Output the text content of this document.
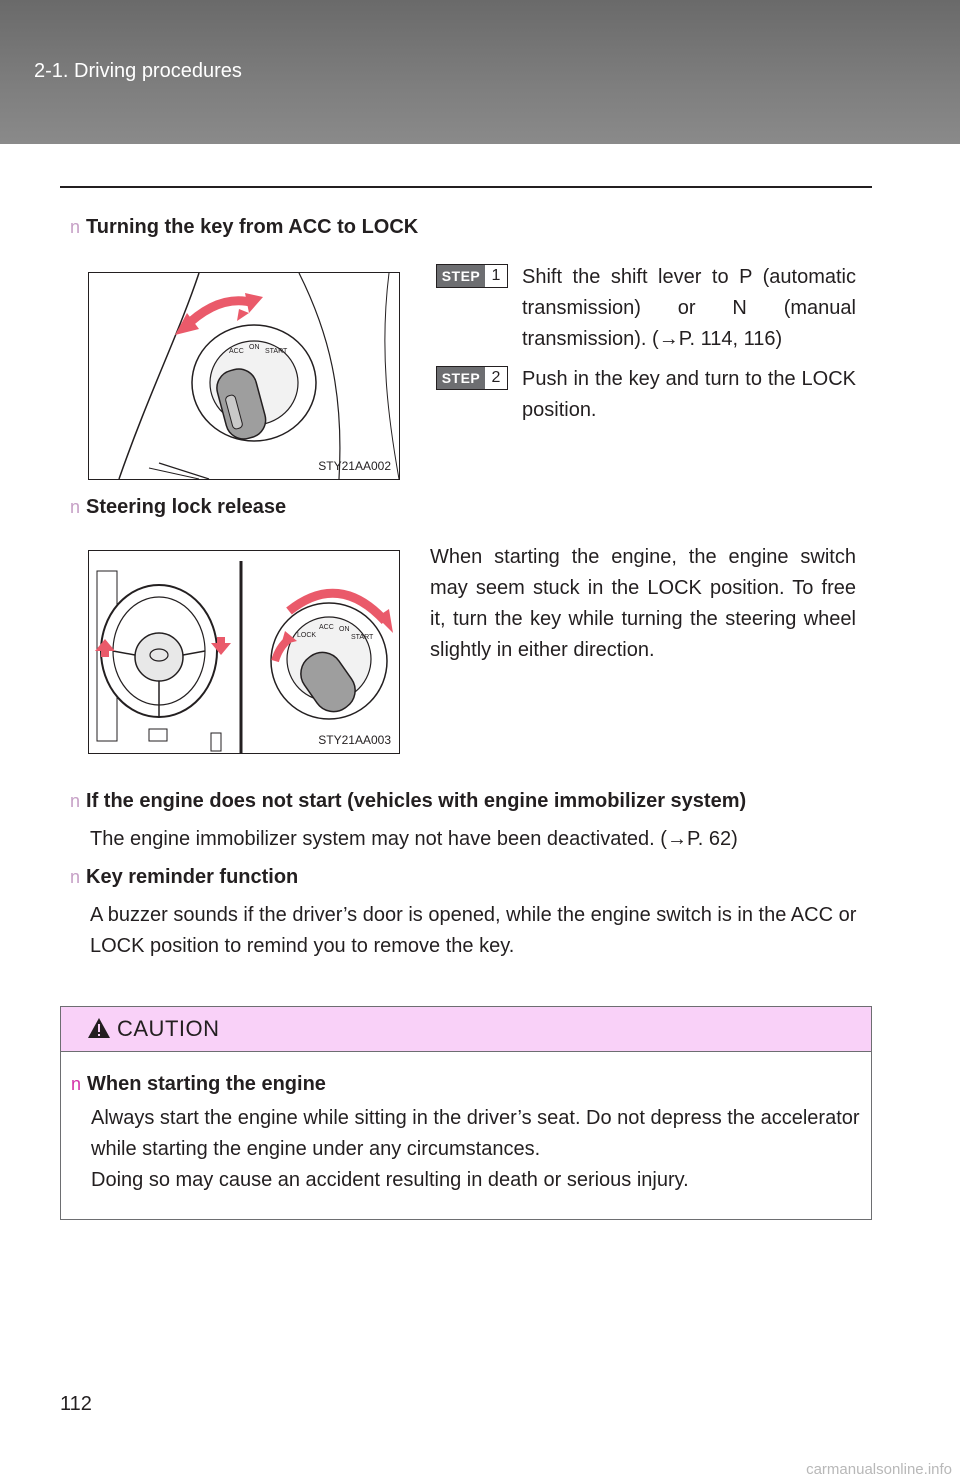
2-1. Driving procedures
n Turning the key from ACC to LOCK
ACC
ON
START
STY21AA002
STEP 1	Shift the shift lever to P (automatic transmission) or N (manual transmission). (→P. 114, 116)
STEP 2	Push in the key and turn to the LOCK position.
n Steering lock release
LOCK
ACC ON
START
STY21AA003
When starting the engine, the engine switch may seem stuck in the LOCK position. To free it, turn the key while turning the steering wheel slightly in either direction.
n If the engine does not start (vehicles with engine immobilizer system)
The engine immobilizer system may not have been deactivated. (→P. 62)
n Key reminder function
A buzzer sounds if the driver’s door is opened, while the engine switch is in the ACC or LOCK position to remind you to remove the key.
CAUTION
n When starting the engine
Always start the engine while sitting in the driver’s seat. Do not depress the accelerator while starting the engine under any circumstances.
Doing so may cause an accident resulting in death or serious injury.
112
carmanualsonline.info
